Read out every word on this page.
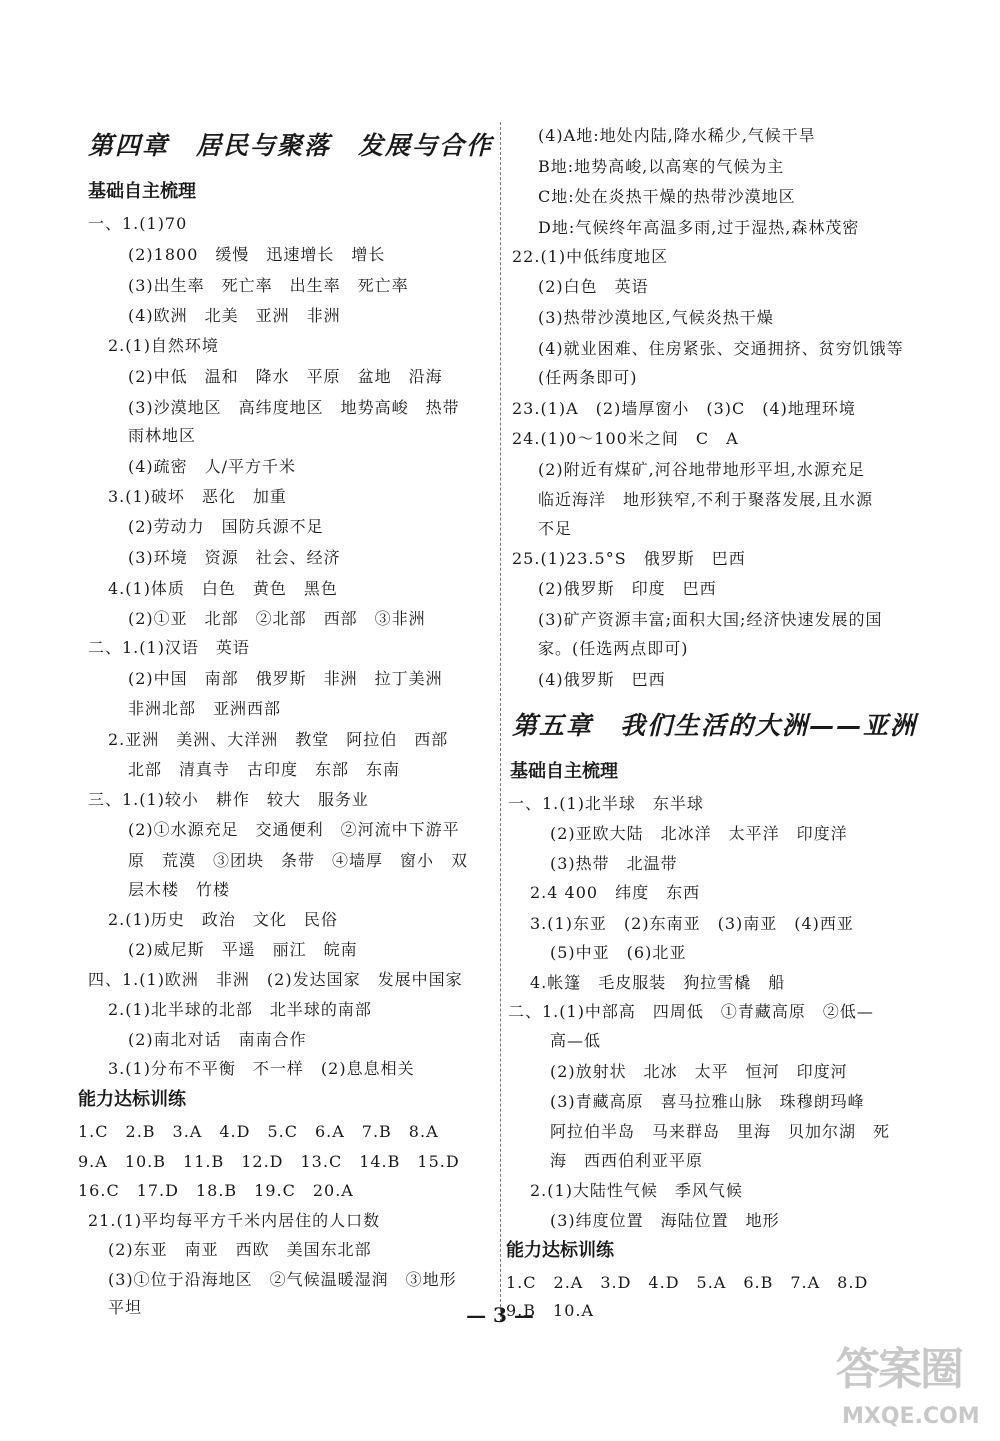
第四章　居民与聚落　发展与合作
基础自主梳理
一、1.(1)70
(2)1800　缓慢　迅速增长　增长
(3)出生率　死亡率　出生率　死亡率
(4)欧洲　北美　亚洲　非洲
2.(1)自然环境
(2)中低　温和　降水　平原　盆地　沿海
(3)沙漠地区　高纬度地区　地势高峻　热带
雨林地区
(4)疏密　人/平方千米
3.(1)破坏　恶化　加重
(2)劳动力　国防兵源不足
(3)环境　资源　社会、经济
4.(1)体质　白色　黄色　黑色
(2)①亚　北部　②北部　西部　③非洲
二、1.(1)汉语　英语
(2)中国　南部　俄罗斯　非洲　拉丁美洲
非洲北部　亚洲西部
2.亚洲　美洲、大洋洲　教堂　阿拉伯　西部
北部　清真寺　古印度　东部　东南
三、1.(1)较小　耕作　较大　服务业
(2)①水源充足　交通便利　②河流中下游平
原　荒漠　③团块　条带　④墙厚　窗小　双
层木楼　竹楼
2.(1)历史　政治　文化　民俗
(2)威尼斯　平遥　丽江　皖南
四、1.(1)欧洲　非洲　(2)发达国家　发展中国家
2.(1)北半球的北部　北半球的南部
(2)南北对话　南南合作
3.(1)分布不平衡　不一样　(2)息息相关
能力达标训练
1.C　2.B　3.A　4.D　5.C　6.A　7.B　8.A
9.A　10.B　11.B　12.D　13.C　14.B　15.D
16.C　17.D　18.B　19.C　20.A
21.(1)平均每平方千米内居住的人口数
(2)东亚　南亚　西欧　美国东北部
(3)①位于沿海地区　②气候温暖湿润　③地形
平坦
(4)A地:地处内陆,降水稀少,气候干旱
B地:地势高峻,以高寒的气候为主
C地:处在炎热干燥的热带沙漠地区
D地:气候终年高温多雨,过于湿热,森林茂密
22.(1)中低纬度地区
(2)白色　英语
(3)热带沙漠地区,气候炎热干燥
(4)就业困难、住房紧张、交通拥挤、贫穷饥饿等
(任两条即可)
23.(1)A　(2)墙厚窗小　(3)C　(4)地理环境
24.(1)0～100米之间　C　A
(2)附近有煤矿,河谷地带地形平坦,水源充足
临近海洋　地形狭窄,不利于聚落发展,且水源
不足
25.(1)23.5°S　俄罗斯　巴西
(2)俄罗斯　印度　巴西
(3)矿产资源丰富;面积大国;经济快速发展的国
家。(任选两点即可)
(4)俄罗斯　巴西
第五章　我们生活的大洲——亚洲
基础自主梳理
一、1.(1)北半球　东半球
(2)亚欧大陆　北冰洋　太平洋　印度洋
(3)热带　北温带
2.4 400　纬度　东西
3.(1)东亚　(2)东南亚　(3)南亚　(4)西亚
(5)中亚　(6)北亚
4.帐篷　毛皮服装　狗拉雪橇　船
二、1.(1)中部高　四周低　①青藏高原　②低—
高—低
(2)放射状　北冰　太平　恒河　印度河
(3)青藏高原　喜马拉雅山脉　珠穆朗玛峰
阿拉伯半岛　马来群岛　里海　贝加尔湖　死
海　西西伯利亚平原
2.(1)大陆性气候　季风气候
(3)纬度位置　海陆位置　地形
能力达标训练
1.C　2.A　3.D　4.D　5.A　6.B　7.A　8.D
9.B　10.A
— 3 —
答案圈
MXQE.COM
